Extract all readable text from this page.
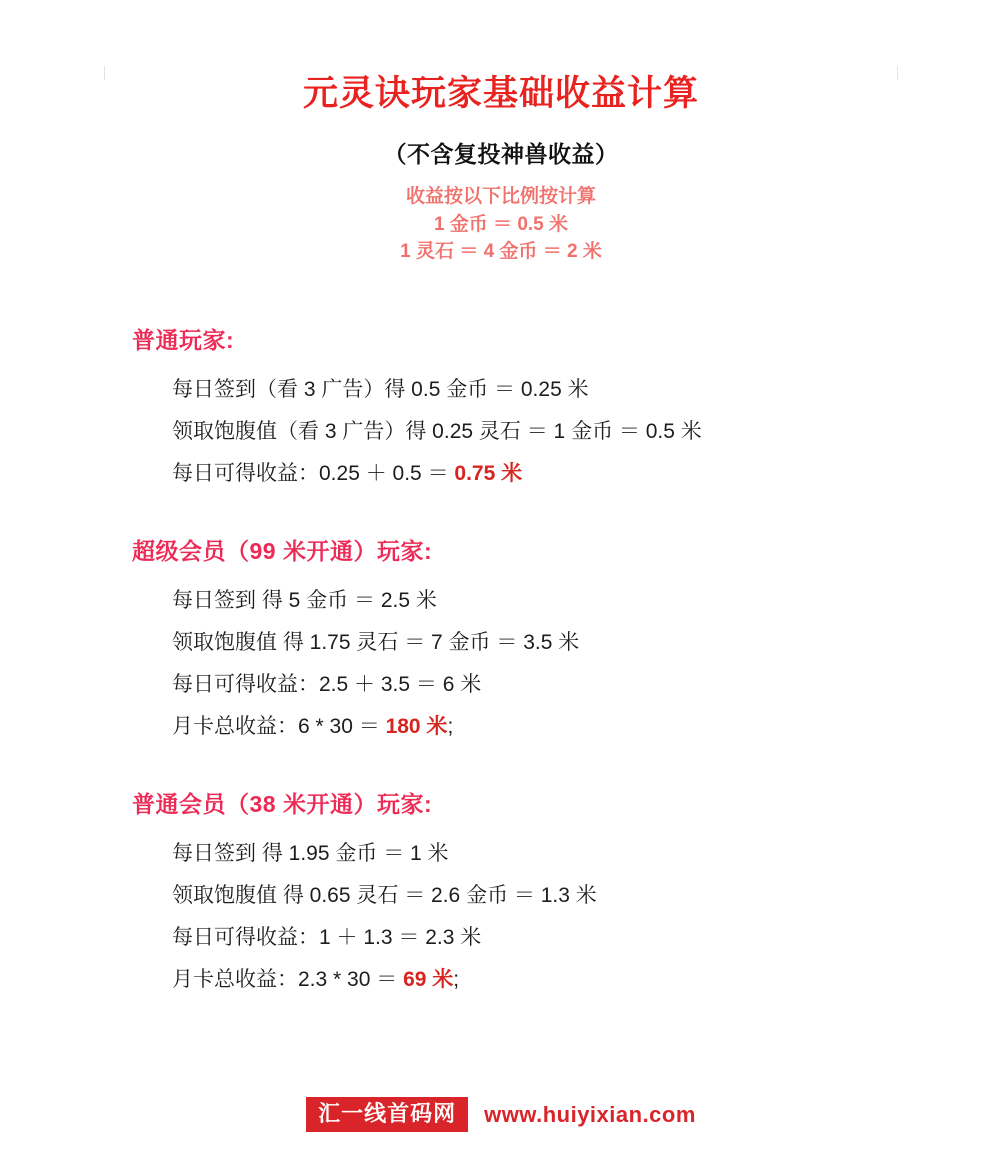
元灵诀玩家基础收益计算
（不含复投神兽收益）
收益按以下比例按计算
1 金币 ＝ 0.5 米
1 灵石 ＝ 4 金币 ＝ 2 米
普通玩家:
每日签到（看 3 广告）得 0.5 金币 ＝ 0.25 米
领取饱腹值（看 3 广告）得 0.25 灵石 ＝ 1 金币 ＝ 0.5 米
每日可得收益：0.25 ＋ 0.5 ＝ 0.75 米
超级会员（99 米开通）玩家:
每日签到 得 5 金币 ＝ 2.5 米
领取饱腹值 得 1.75 灵石 ＝ 7 金币 ＝ 3.5 米
每日可得收益：2.5 ＋ 3.5 ＝ 6 米
月卡总收益：6 * 30 ＝ 180 米;
普通会员（38 米开通）玩家:
每日签到 得 1.95 金币 ＝ 1 米
领取饱腹值 得 0.65 灵石 ＝ 2.6 金币 ＝ 1.3 米
每日可得收益：1 ＋ 1.3 ＝ 2.3 米
月卡总收益：2.3 * 30 ＝ 69 米;
汇一线首码网	www.huiyixian.com
